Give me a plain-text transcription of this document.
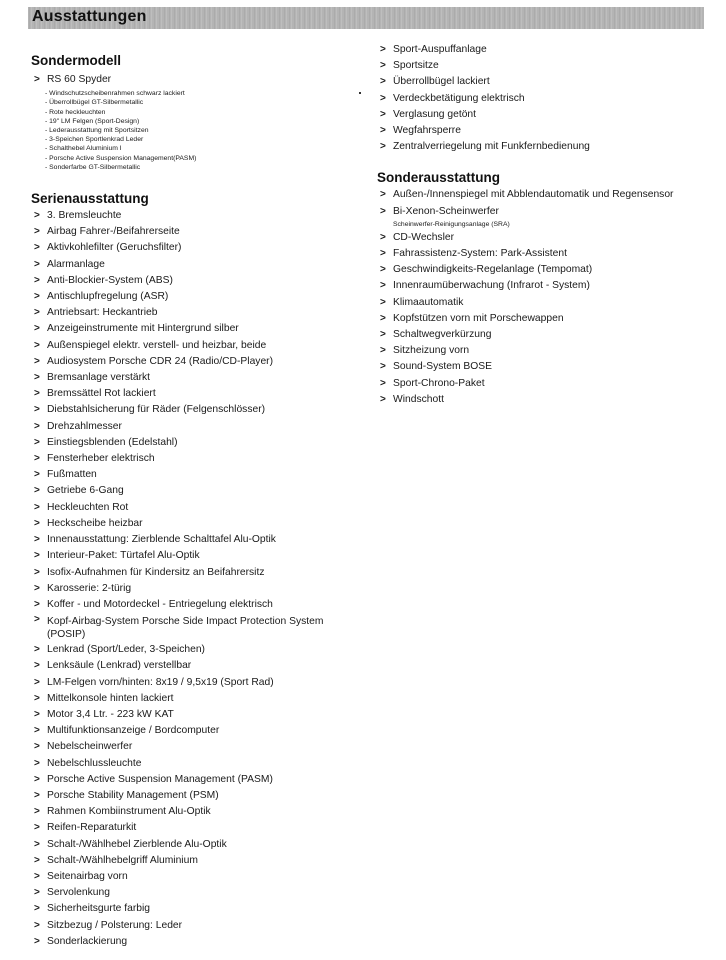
Ausstattungen
Sondermodell
> RS 60 Spyder
- Windschutzscheibenrahmen schwarz lackiert
- Überrollbügel GT-Silbermetallic
- Rote heckleuchten
- 19" LM Felgen (Sport-Design)
- Lederausstattung mit Sportsitzen
- 3-Speichen Sportlenkrad Leder
- Schalthebel Aluminium I
- Porsche Active Suspension Management(PASM)
- Sonderfarbe GT-Silbermetallic
Serienausstattung
> 3. Bremsleuchte
> Airbag Fahrer-/Beifahrerseite
> Aktivkohlefilter (Geruchsfilter)
> Alarmanlage
> Anti-Blockier-System (ABS)
> Antischlupfregelung (ASR)
> Antriebsart: Heckantrieb
> Anzeigeinstrumente mit Hintergrund silber
> Außenspiegel elektr. verstell- und heizbar, beide
> Audiosystem Porsche CDR 24 (Radio/CD-Player)
> Bremsanlage verstärkt
> Bremssättel Rot lackiert
> Diebstahlsicherung für Räder (Felgenschlösser)
> Drehzahlmesser
> Einstiegsblenden (Edelstahl)
> Fensterheber elektrisch
> Fußmatten
> Getriebe 6-Gang
> Heckleuchten Rot
> Heckscheibe heizbar
> Innenausstattung: Zierblende Schalttafel Alu-Optik
> Interieur-Paket: Türtafel Alu-Optik
> Isofix-Aufnahmen für Kindersitz an Beifahrersitz
> Karosserie: 2-türig
> Koffer - und Motordeckel - Entriegelung elektrisch
> Kopf-Airbag-System Porsche Side Impact Protection System (POSIP)
> Lenkrad (Sport/Leder, 3-Speichen)
> Lenksäule (Lenkrad) verstellbar
> LM-Felgen vorn/hinten: 8x19 / 9,5x19 (Sport Rad)
> Mittelkonsole hinten lackiert
> Motor 3,4 Ltr. - 223 kW KAT
> Multifunktionsanzeige / Bordcomputer
> Nebelscheinwerfer
> Nebelschlussleuchte
> Porsche Active Suspension Management (PASM)
> Porsche Stability Management (PSM)
> Rahmen Kombiinstrument Alu-Optik
> Reifen-Reparaturkit
> Schalt-/Wählhebel Zierblende Alu-Optik
> Schalt-/Wählhebelgriff Aluminium
> Seitenairbag vorn
> Servolenkung
> Sicherheitsgurte farbig
> Sitzbezug / Polsterung: Leder
> Sonderlackierung
> Sport-Auspuffanlage
> Sportsitze
> Überrollbügel lackiert
> Verdeckbetätigung elektrisch
> Verglasung getönt
> Wegfahrsperre
> Zentralverriegelung mit Funkfernbedienung
Sonderausstattung
> Außen-/Innenspiegel mit Abblendautomatik und Regensensor
> Bi-Xenon-Scheinwerfer
Scheinwerfer-Reinigungsanlage (SRA)
> CD-Wechsler
> Fahrassistenz-System: Park-Assistent
> Geschwindigkeits-Regelanlage (Tempomat)
> Innenraumüberwachung (Infrarot - System)
> Klimaautomatik
> Kopfstützen vorn mit Porschewappen
> Schaltwegverkürzung
> Sitzheizung vorn
> Sound-System BOSE
> Sport-Chrono-Paket
> Windschott
